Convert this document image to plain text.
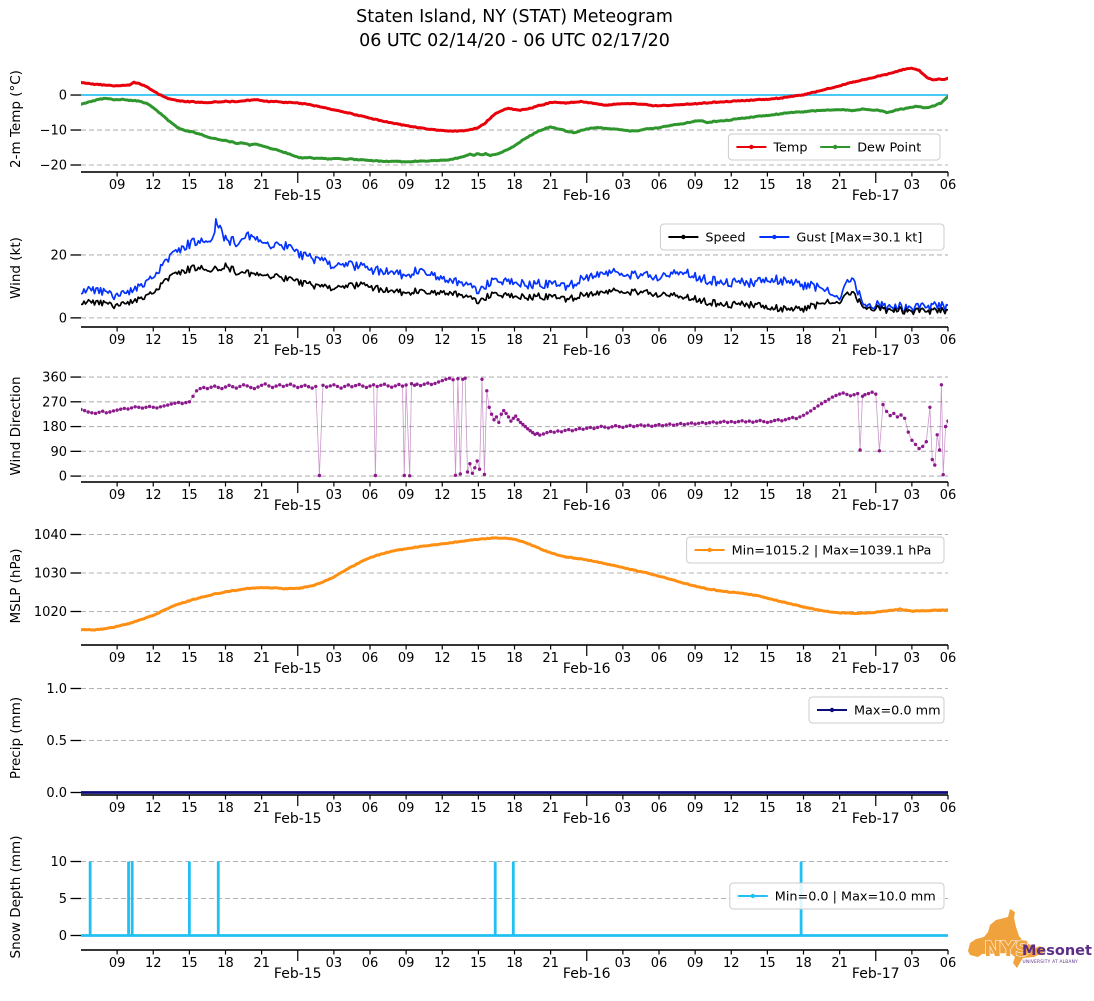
Staten Island, NY (STAT) Meteogram
06 UTC 02/14/20 - 06 UTC 02/17/20
2-m Temp (°C)
Wind (kt)
Wind Direction
MSLP (hPa)
Precip (mm)
Snow Depth (mm)
0
−10
−20
09 12 15 18 21
Feb-15
03 06 09 12 15 18 21
Feb-16
03 06 09 12 15 18 21
Feb-17
03 06
Temp	Dew Point
20
0
09 12 15 18 21
Feb-15
03 06 09 12 15 18 21
Feb-16
03 06 09 12 15 18 21
Feb-17
03 06
Speed	Gust [Max=30.1 kt]
360
270
180
90
0
09 12 15 18 21
Feb-15
03 06 09 12 15 18 21
Feb-16
03 06 09 12 15 18 21
Feb-17
03 06
1040
1030
1020
09 12 15 18 21
Feb-15
03 06 09 12 15 18 21
Feb-16
03 06 09 12 15 18 21
Feb-17
03 06
Min=1015.2 | Max=1039.1 hPa
1.0
0.5
0.0
09 12 15 18 21
Feb-15
03 06 09 12 15 18 21
Feb-16
03 06 09 12 15 18 21
Feb-17
03 06
Max=0.0 mm
10
5
0
09 12 15 18 21
Feb-15
03 06 09 12 15 18 21
Feb-16
03 06 09 12 15 18 21
Feb-17
03 06
Min=0.0 | Max=10.0 mm
NYS
Mesonet
UNIVERSITY AT ALBANY
